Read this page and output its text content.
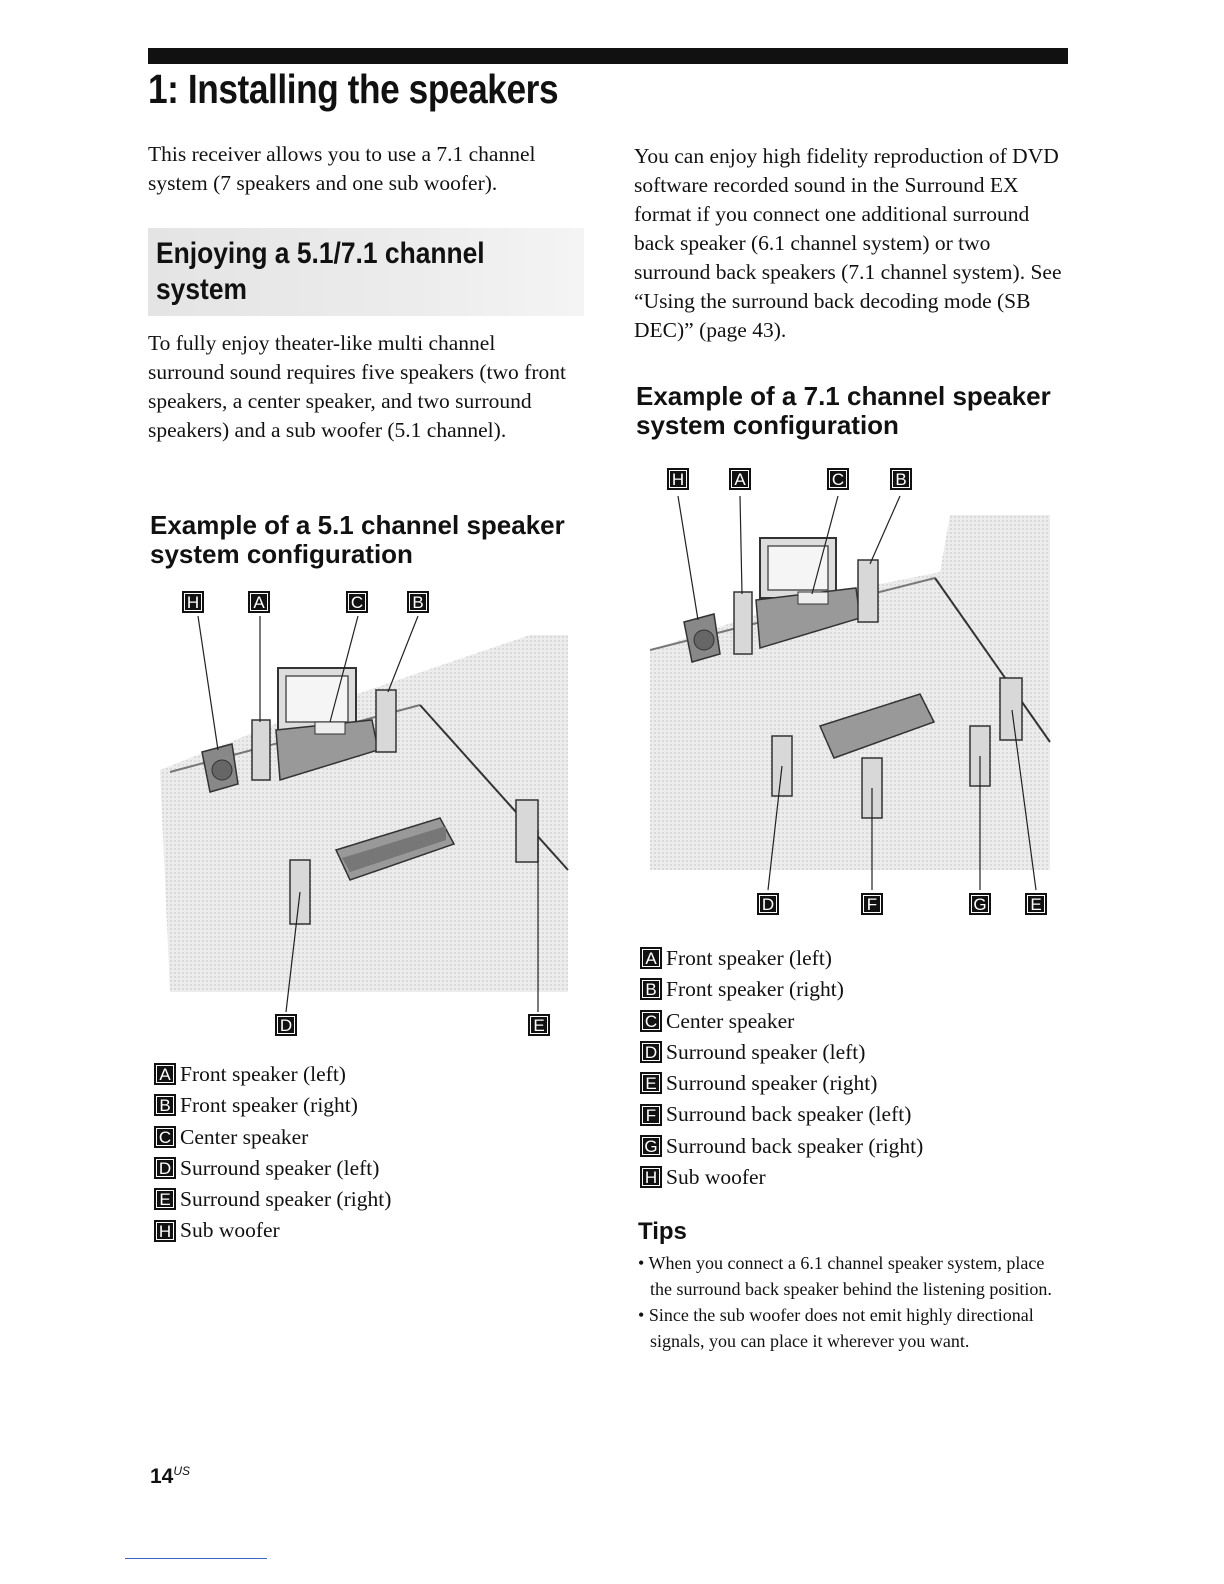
1: Installing the speakers

This receiver allows you to use a 7.1 channel system (7 speakers and one sub woofer).

Enjoying a 5.1/7.1 channel system

To fully enjoy theater-like multi channel surround sound requires five speakers (two front speakers, a center speaker, and two surround speakers) and a sub woofer (5.1 channel).

Example of a 5.1 channel speaker system configuration
H	A	C	B
D	E
A Front speaker (left)
B Front speaker (right)
C Center speaker
D Surround speaker (left)
E Surround speaker (right)
H Sub woofer

You can enjoy high fidelity reproduction of DVD software recorded sound in the Surround EX format if you connect one additional surround back speaker (6.1 channel system) or two surround back speakers (7.1 channel system). See “Using the surround back decoding mode (SB DEC)” (page 43).

Example of a 7.1 channel speaker system configuration
H	A	C	B
D	F	G	E
A Front speaker (left)
B Front speaker (right)
C Center speaker
D Surround speaker (left)
E Surround speaker (right)
F Surround back speaker (left)
G Surround back speaker (right)
H Sub woofer
Tips
• When you connect a 6.1 channel speaker system, place the surround back speaker behind the listening position.
• Since the sub woofer does not emit highly directional signals, you can place it wherever you want.
$14^{US}$
